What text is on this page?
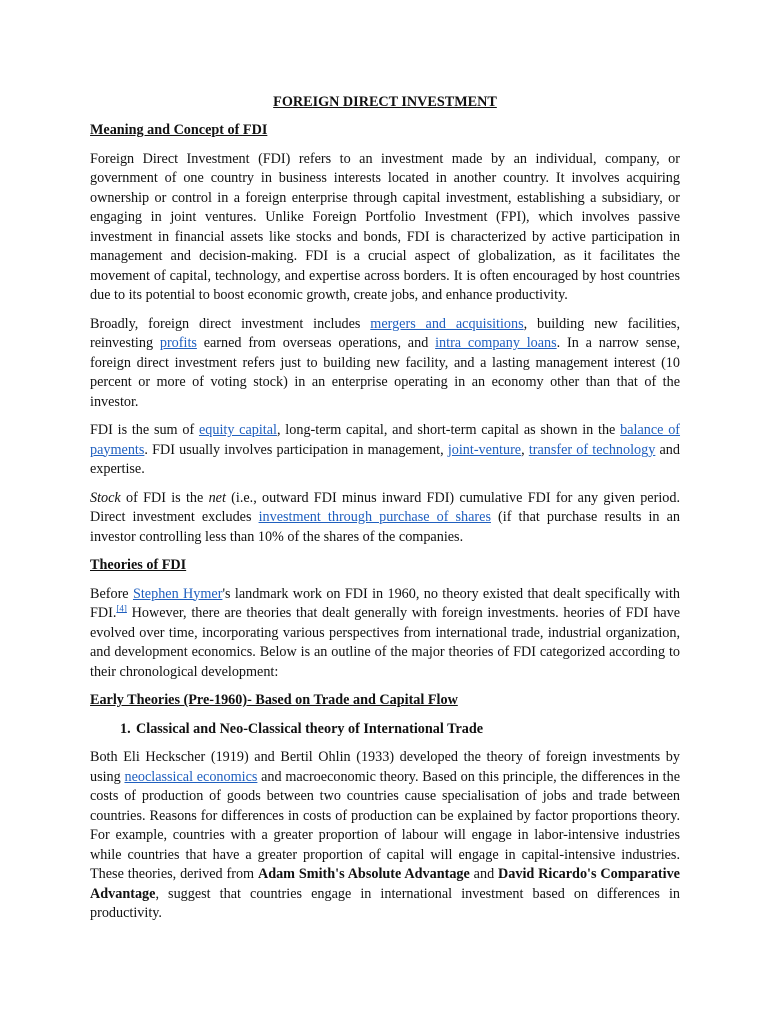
FOREIGN DIRECT INVESTMENT
Meaning and Concept of FDI

Foreign Direct Investment (FDI) refers to an investment made by an individual, company, or government of one country in business interests located in another country. It involves acquiring ownership or control in a foreign enterprise through capital investment, establishing a subsidiary, or engaging in joint ventures. Unlike Foreign Portfolio Investment (FPI), which involves passive investment in financial assets like stocks and bonds, FDI is characterized by active participation in management and decision-making. FDI is a crucial aspect of globalization, as it facilitates the movement of capital, technology, and expertise across borders. It is often encouraged by host countries due to its potential to boost economic growth, create jobs, and enhance productivity.

Broadly, foreign direct investment includes mergers and acquisitions, building new facilities, reinvesting profits earned from overseas operations, and intra company loans. In a narrow sense, foreign direct investment refers just to building new facility, and a lasting management interest (10 percent or more of voting stock) in an enterprise operating in an economy other than that of the investor.

FDI is the sum of equity capital, long-term capital, and short-term capital as shown in the balance of payments. FDI usually involves participation in management, joint-venture, transfer of technology and expertise.

Stock of FDI is the net (i.e., outward FDI minus inward FDI) cumulative FDI for any given period. Direct investment excludes investment through purchase of shares (if that purchase results in an investor controlling less than 10% of the shares of the companies.

Theories of FDI

Before Stephen Hymer's landmark work on FDI in 1960, no theory existed that dealt specifically with FDI.[4] However, there are theories that dealt generally with foreign investments. heories of FDI have evolved over time, incorporating various perspectives from international trade, industrial organization, and development economics. Below is an outline of the major theories of FDI categorized according to their chronological development:

Early Theories (Pre-1960)- Based on Trade and Capital Flow
1. Classical and Neo-Classical theory of International Trade

Both Eli Heckscher (1919) and Bertil Ohlin (1933) developed the theory of foreign investments by using neoclassical economics and macroeconomic theory. Based on this principle, the differences in the costs of production of goods between two countries cause specialisation of jobs and trade between countries. Reasons for differences in costs of production can be explained by factor proportions theory. For example, countries with a greater proportion of labour will engage in labor-intensive industries while countries that have a greater proportion of capital will engage in capital-intensive industries. These theories, derived from Adam Smith's Absolute Advantage and David Ricardo's Comparative Advantage, suggest that countries engage in international investment based on differences in productivity.
